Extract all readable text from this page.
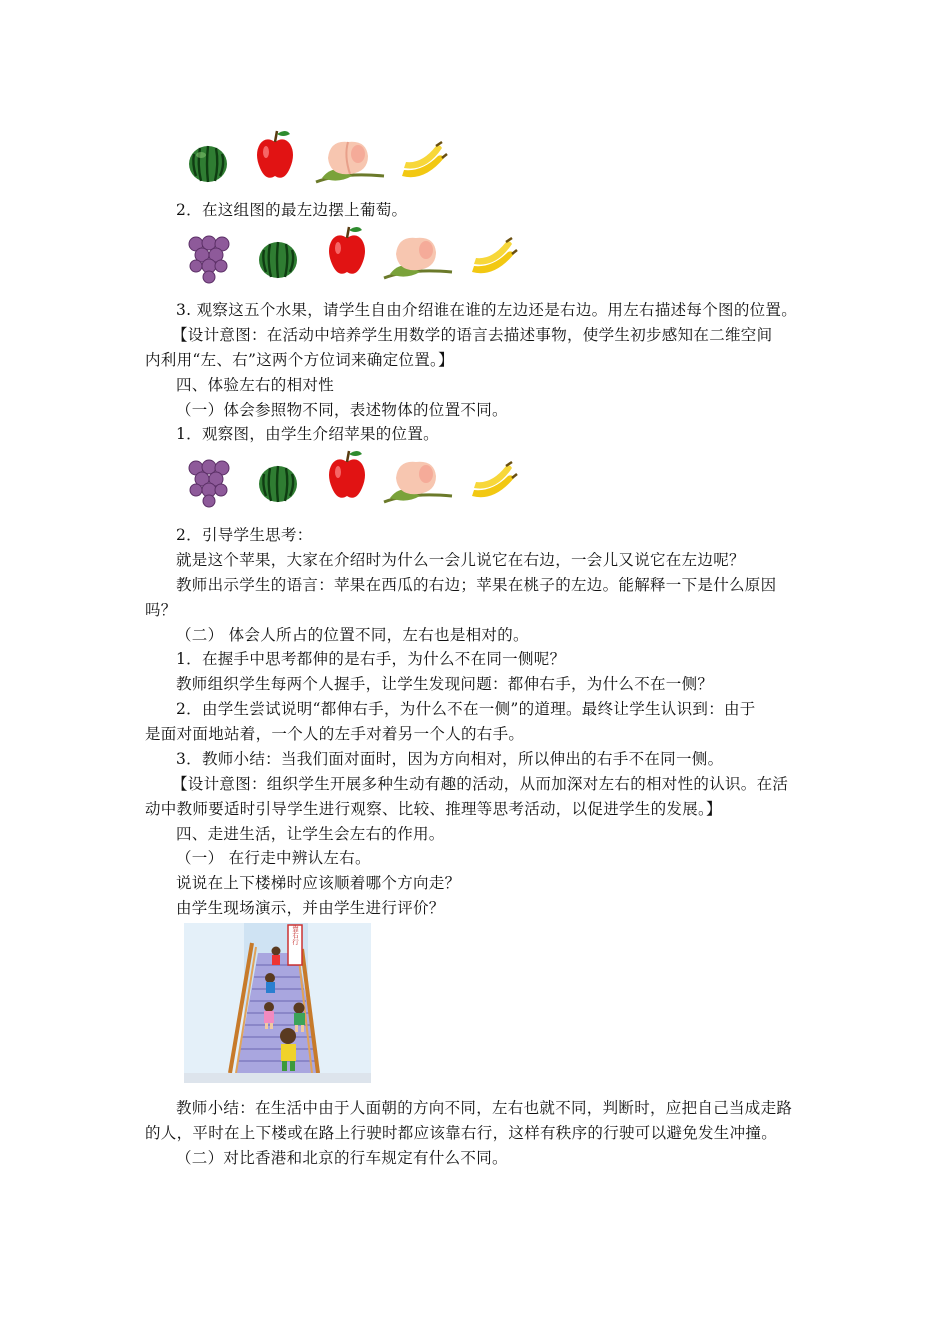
2．在这组图的最左边摆上葡萄。
3. 观察这五个水果，请学生自由介绍谁在谁的左边还是右边。用左右描述每个图的位置。
【设计意图：在活动中培养学生用数学的语言去描述事物，使学生初步感知在二维空间
内利用“左、右”这两个方位词来确定位置。】
四、体验左右的相对性
（一）体会参照物不同，表述物体的位置不同。
1．观察图，由学生介绍苹果的位置。
2．引导学生思考：
就是这个苹果，大家在介绍时为什么一会儿说它在右边，一会儿又说它在左边呢？
教师出示学生的语言：苹果在西瓜的右边；苹果在桃子的左边。能解释一下是什么原因
吗？
（二） 体会人所占的位置不同，左右也是相对的。
1．在握手中思考都伸的是右手，为什么不在同一侧呢？
教师组织学生每两个人握手，让学生发现问题：都伸右手，为什么不在一侧？
2．由学生尝试说明“都伸右手，为什么不在一侧”的道理。最终让学生认识到：由于
是面对面地站着，一个人的左手对着另一个人的右手。
3．教师小结：当我们面对面时，因为方向相对，所以伸出的右手不在同一侧。
【设计意图：组织学生开展多种生动有趣的活动，从而加深对左右的相对性的认识。在活
动中教师要适时引导学生进行观察、比较、推理等思考活动，以促进学生的发展。】
四、走进生活，让学生会左右的作用。
（一） 在行走中辨认左右。
说说在上下楼梯时应该顺着哪个方向走？
由学生现场演示，并由学生进行评价？
靠右行
教师小结：在生活中由于人面朝的方向不同，左右也就不同，判断时，应把自己当成走路
的人，平时在上下楼或在路上行驶时都应该靠右行，这样有秩序的行驶可以避免发生冲撞。
（二）对比香港和北京的行车规定有什么不同。
